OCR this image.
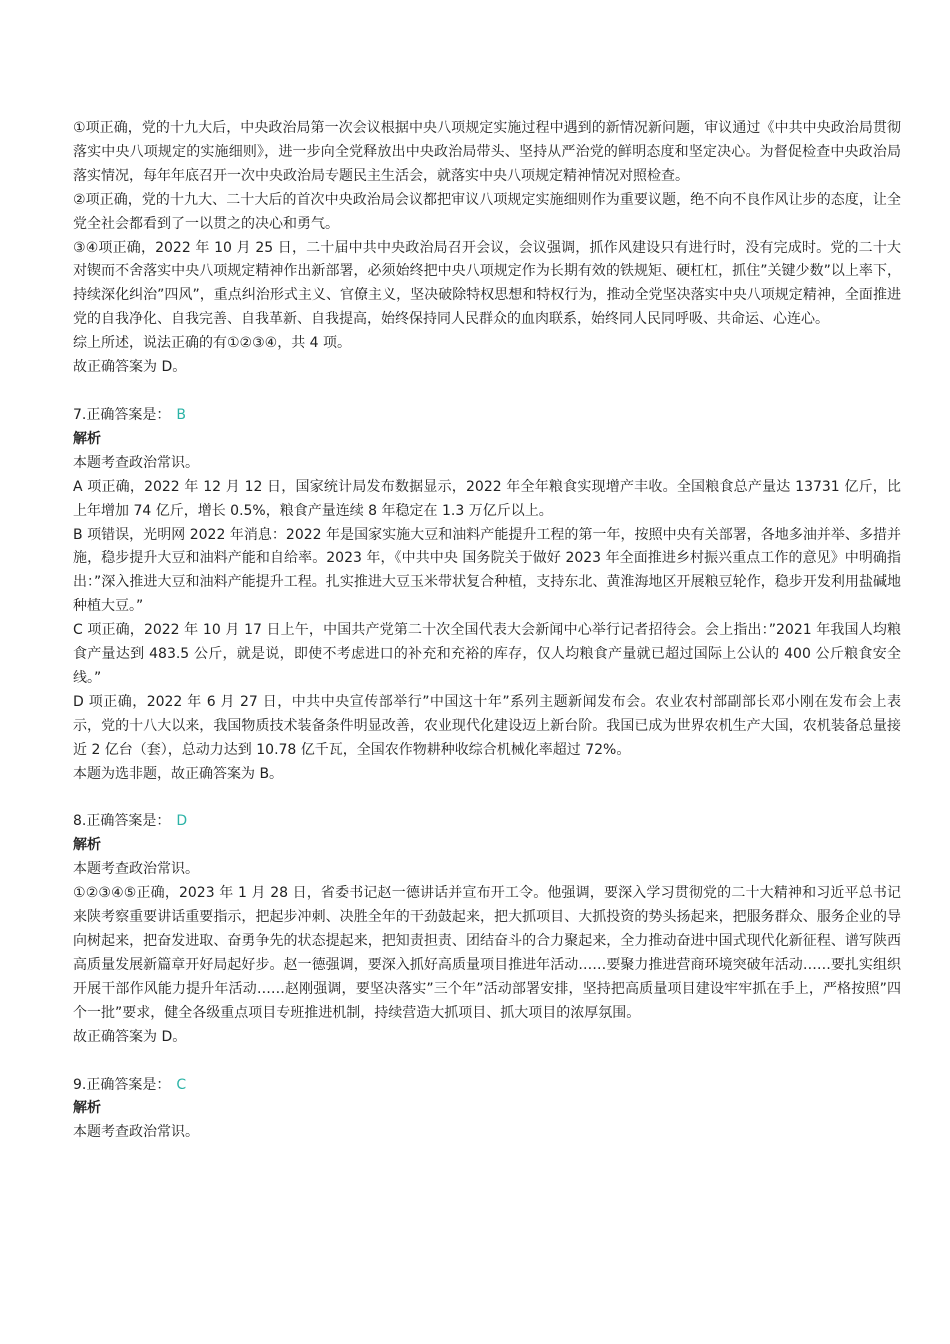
①项正确，党的十九大后，中央政治局第一次会议根据中央八项规定实施过程中遇到的新情况新问题，审议通过《中共中央政治局贯彻落实中央八项规定的实施细则》，进一步向全党释放出中央政治局带头、坚持从严治党的鲜明态度和坚定决心。为督促检查中央政治局落实情况，每年年底召开一次中央政治局专题民主生活会，就落实中央八项规定精神情况对照检查。

②项正确，党的十九大、二十大后的首次中央政治局会议都把审议八项规定实施细则作为重要议题，绝不向不良作风让步的态度，让全党全社会都看到了一以贯之的决心和勇气。

③④项正确，2022 年 10 月 25 日，二十届中共中央政治局召开会议，会议强调，抓作风建设只有进行时，没有完成时。党的二十大对锲而不舍落实中央八项规定精神作出新部署，必须始终把中央八项规定作为长期有效的铁规矩、硬杠杠，抓住”关键少数”以上率下，持续深化纠治”四风”，重点纠治形式主义、官僚主义，坚决破除特权思想和特权行为，推动全党坚决落实中央八项规定精神，全面推进党的自我净化、自我完善、自我革新、自我提高，始终保持同人民群众的血肉联系，始终同人民同呼吸、共命运、心连心。

综上所述，说法正确的有①②③④，共 4 项。

故正确答案为 D。

7.正确答案是： B

解析

本题考查政治常识。

A 项正确，2022 年 12 月 12 日，国家统计局发布数据显示，2022 年全年粮食实现增产丰收。全国粮食总产量达 13731 亿斤，比上年增加 74 亿斤，增长 0.5%，粮食产量连续 8 年稳定在 1.3 万亿斤以上。

B 项错误，光明网 2022 年消息：2022 年是国家实施大豆和油料产能提升工程的第一年，按照中央有关部署，各地多油并举、多措并施，稳步提升大豆和油料产能和自给率。2023 年，《中共中央 国务院关于做好 2023 年全面推进乡村振兴重点工作的意见》中明确指出：”深入推进大豆和油料产能提升工程。扎实推进大豆玉米带状复合种植，支持东北、黄淮海地区开展粮豆轮作，稳步开发利用盐碱地种植大豆。”

C 项正确，2022 年 10 月 17 日上午，中国共产党第二十次全国代表大会新闻中心举行记者招待会。会上指出：”2021 年我国人均粮食产量达到 483.5 公斤，就是说，即使不考虑进口的补充和充裕的库存，仅人均粮食产量就已超过国际上公认的 400 公斤粮食安全线。”

D 项正确，2022 年 6 月 27 日，中共中央宣传部举行”中国这十年”系列主题新闻发布会。农业农村部副部长邓小刚在发布会上表示，党的十八大以来，我国物质技术装备条件明显改善，农业现代化建设迈上新台阶。我国已成为世界农机生产大国，农机装备总量接近 2 亿台（套），总动力达到 10.78 亿千瓦，全国农作物耕种收综合机械化率超过 72%。

本题为选非题，故正确答案为 B。

8.正确答案是： D

解析

本题考查政治常识。

①②③④⑤正确，2023 年 1 月 28 日，省委书记赵一德讲话并宣布开工令。他强调，要深入学习贯彻党的二十大精神和习近平总书记来陕考察重要讲话重要指示，把起步冲刺、决胜全年的干劲鼓起来，把大抓项目、大抓投资的势头扬起来，把服务群众、服务企业的导向树起来，把奋发进取、奋勇争先的状态提起来，把知责担责、团结奋斗的合力聚起来，全力推动奋进中国式现代化新征程、谱写陕西高质量发展新篇章开好局起好步。赵一德强调，要深入抓好高质量项目推进年活动……要聚力推进营商环境突破年活动……要扎实组织开展干部作风能力提升年活动……赵刚强调，要坚决落实”三个年”活动部署安排，坚持把高质量项目建设牢牢抓在手上，严格按照”四个一批”要求，健全各级重点项目专班推进机制，持续营造大抓项目、抓大项目的浓厚氛围。

故正确答案为 D。

9.正确答案是： C

解析

本题考查政治常识。
